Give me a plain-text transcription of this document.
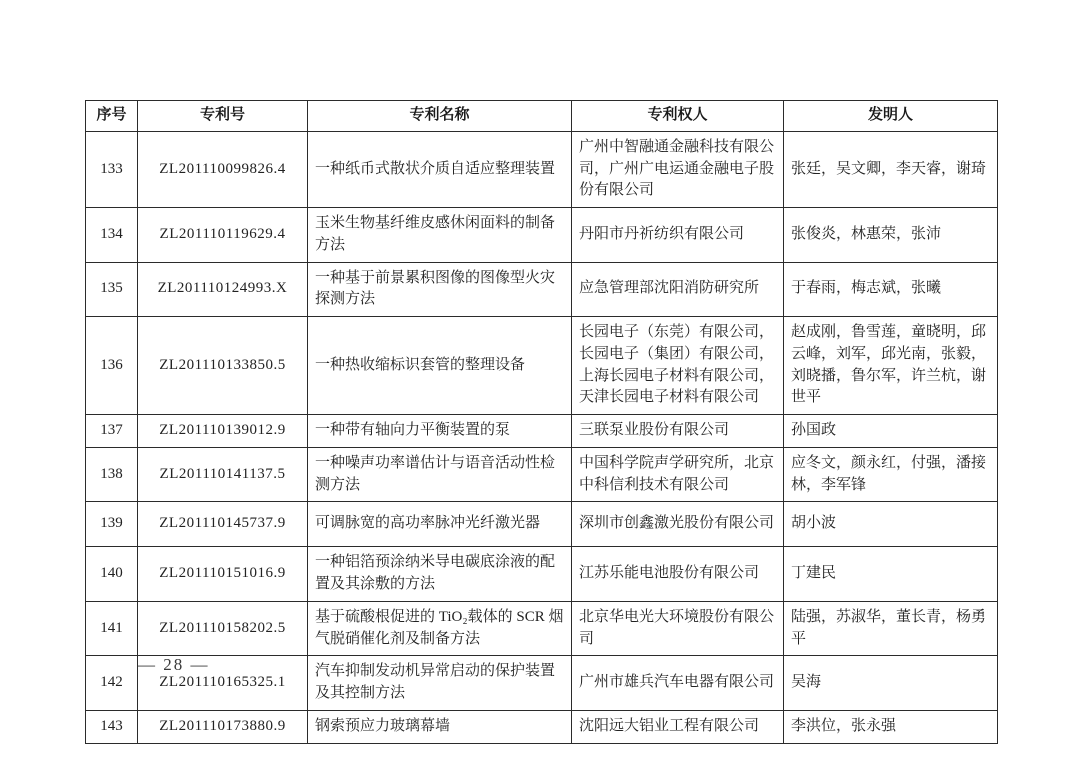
序号	专利号	专利名称	专利权人	发明人
133	ZL201110099826.4	一种纸币式散状介质自适应整理装置	广州中智融通金融科技有限公司，广州广电运通金融电子股份有限公司	张廷，吴文卿，李天睿，谢琦
134	ZL201110119629.4	玉米生物基纤维皮感休闲面料的制备方法	丹阳市丹祈纺织有限公司	张俊炎，林惠荣，张沛
135	ZL201110124993.X	一种基于前景累积图像的图像型火灾探测方法	应急管理部沈阳消防研究所	于春雨，梅志斌，张曦
136	ZL201110133850.5	一种热收缩标识套管的整理设备	长园电子（东莞）有限公司，长园电子（集团）有限公司，上海长园电子材料有限公司，天津长园电子材料有限公司	赵成刚，鲁雪莲，童晓明，邱云峰，刘军，邱光南，张毅，刘晓播，鲁尔军，许兰杭，谢世平
137	ZL201110139012.9	一种带有轴向力平衡装置的泵	三联泵业股份有限公司	孙国政
138	ZL201110141137.5	一种噪声功率谱估计与语音活动性检测方法	中国科学院声学研究所，北京中科信利技术有限公司	应冬文，颜永红，付强，潘接林，李军锋
139	ZL201110145737.9	可调脉宽的高功率脉冲光纤激光器	深圳市创鑫激光股份有限公司	胡小波
140	ZL201110151016.9	一种铝箔预涂纳米导电碳底涂液的配置及其涂敷的方法	江苏乐能电池股份有限公司	丁建民
141	ZL201110158202.5	基于硫酸根促进的 TiO₂载体的 SCR 烟气脱硝催化剂及制备方法	北京华电光大环境股份有限公司	陆强，苏淑华，董长青，杨勇平
142	ZL201110165325.1	汽车抑制发动机异常启动的保护装置及其控制方法	广州市雄兵汽车电器有限公司	吴海
143	ZL201110173880.9	钢索预应力玻璃幕墙	沈阳远大铝业工程有限公司	李洪位，张永强
— 28 —
